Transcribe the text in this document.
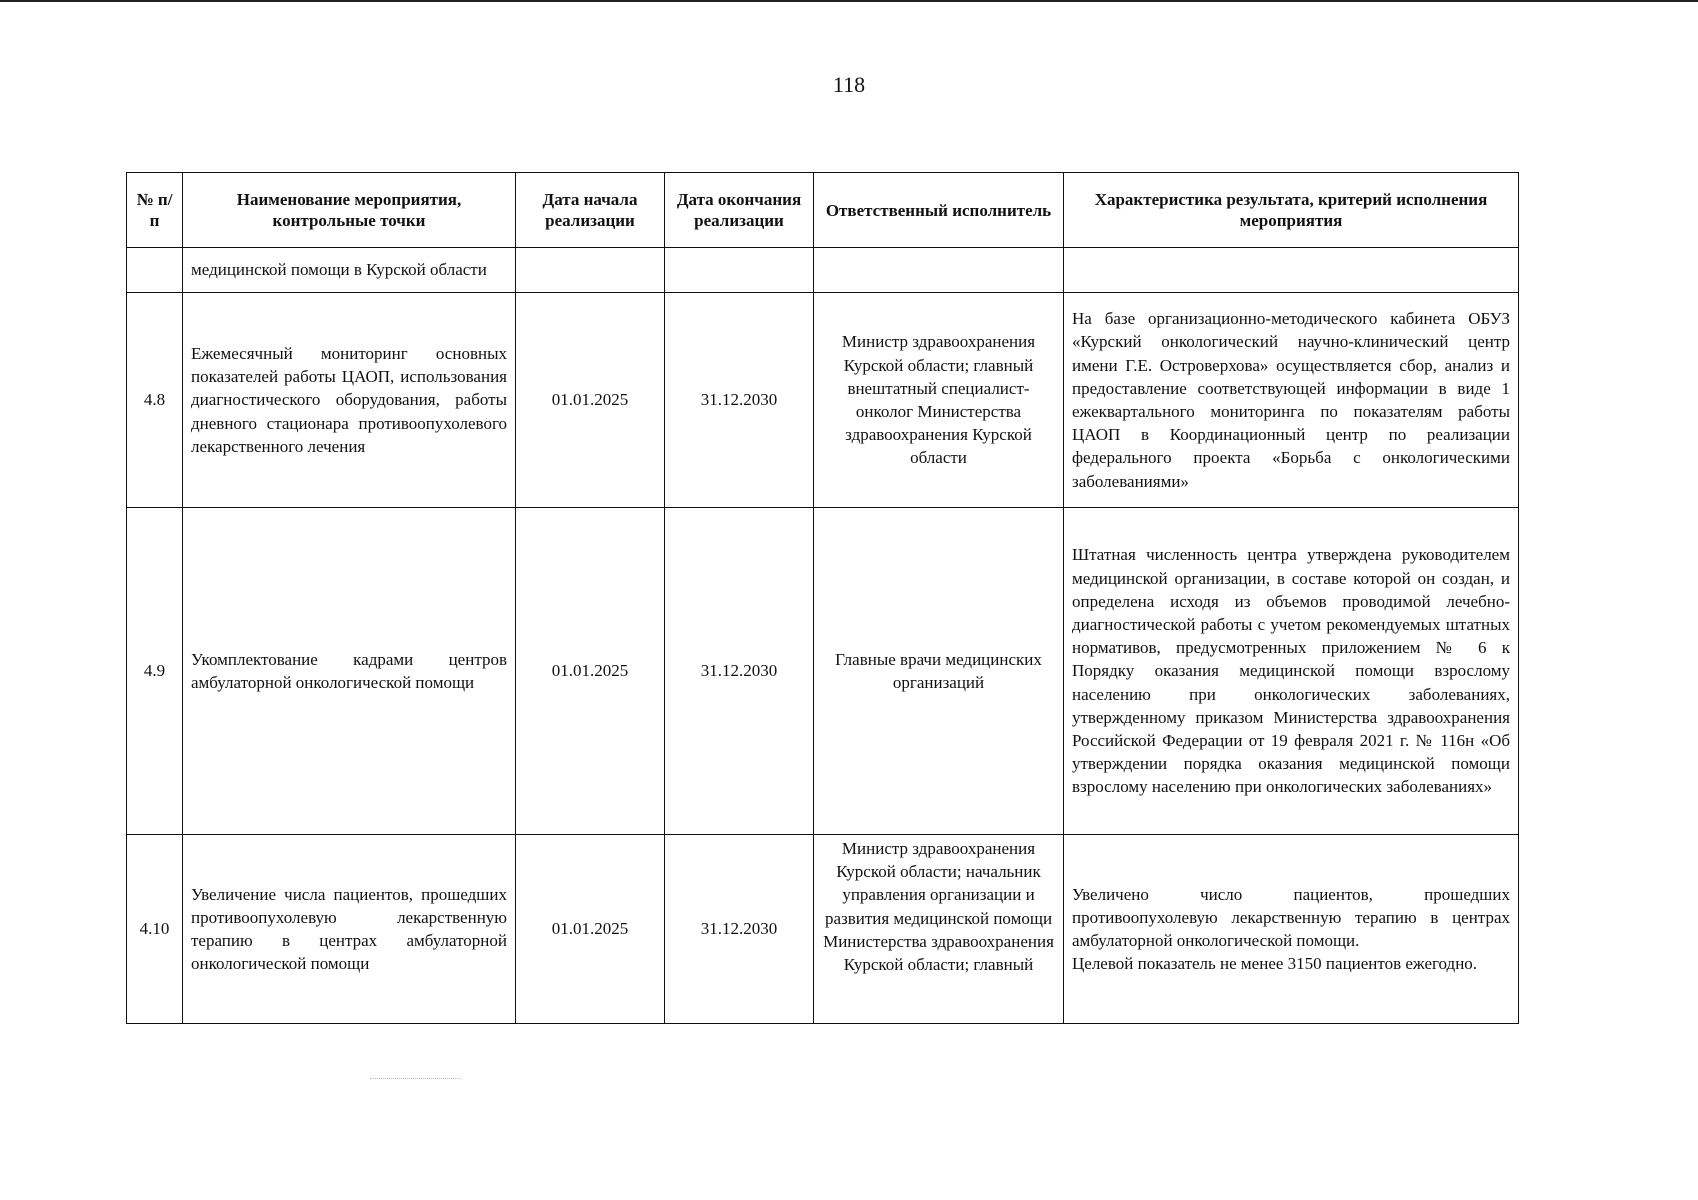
118
№ п/п	Наименование мероприятия, контрольные точки	Дата начала реализации	Дата окончания реализации	Ответственный исполнитель	Характеристика результата, критерий исполнения мероприятия
	медицинской помощи в Курской области				
4.8	Ежемесячный мониторинг основных показателей работы ЦАОП, использования диагностического оборудования, работы дневного стационара противоопухолевого лекарственного лечения	01.01.2025	31.12.2030	Министр здравоохранения Курской области; главный внештатный специалист-онколог Министерства здравоохранения Курской области	На базе организационно-методического кабинета ОБУЗ «Курский онкологический научно-клинический центр имени Г.Е. Островерхова» осуществляется сбор, анализ и предоставление соответствующей информации в виде 1 ежеквартального мониторинга по показателям работы ЦАОП в Координационный центр по реализации федерального проекта «Борьба с онкологическими заболеваниями»
4.9	Укомплектование кадрами центров амбулаторной онкологической помощи	01.01.2025	31.12.2030	Главные врачи медицинских организаций	Штатная численность центра утверждена руководителем медицинской организации, в составе которой он создан, и определена исходя из объемов проводимой лечебно-диагностической работы с учетом рекомендуемых штатных нормативов, предусмотренных приложением № 6 к Порядку оказания медицинской помощи взрослому населению при онкологических заболеваниях, утвержденному приказом Министерства здравоохранения Российской Федерации от 19 февраля 2021 г. № 116н «Об утверждении порядка оказания медицинской помощи взрослому населению при онкологических заболеваниях»
4.10	Увеличение числа пациентов, прошедших противоопухолевую лекарственную терапию в центрах амбулаторной онкологической помощи	01.01.2025	31.12.2030	Министр здравоохранения Курской области; начальник управления организации и развития медицинской помощи Министерства здравоохранения Курской области; главный	Увеличено число пациентов, прошедших противоопухолевую лекарственную терапию в центрах амбулаторной онкологической помощи.
Целевой показатель не менее 3150 пациентов ежегодно.
